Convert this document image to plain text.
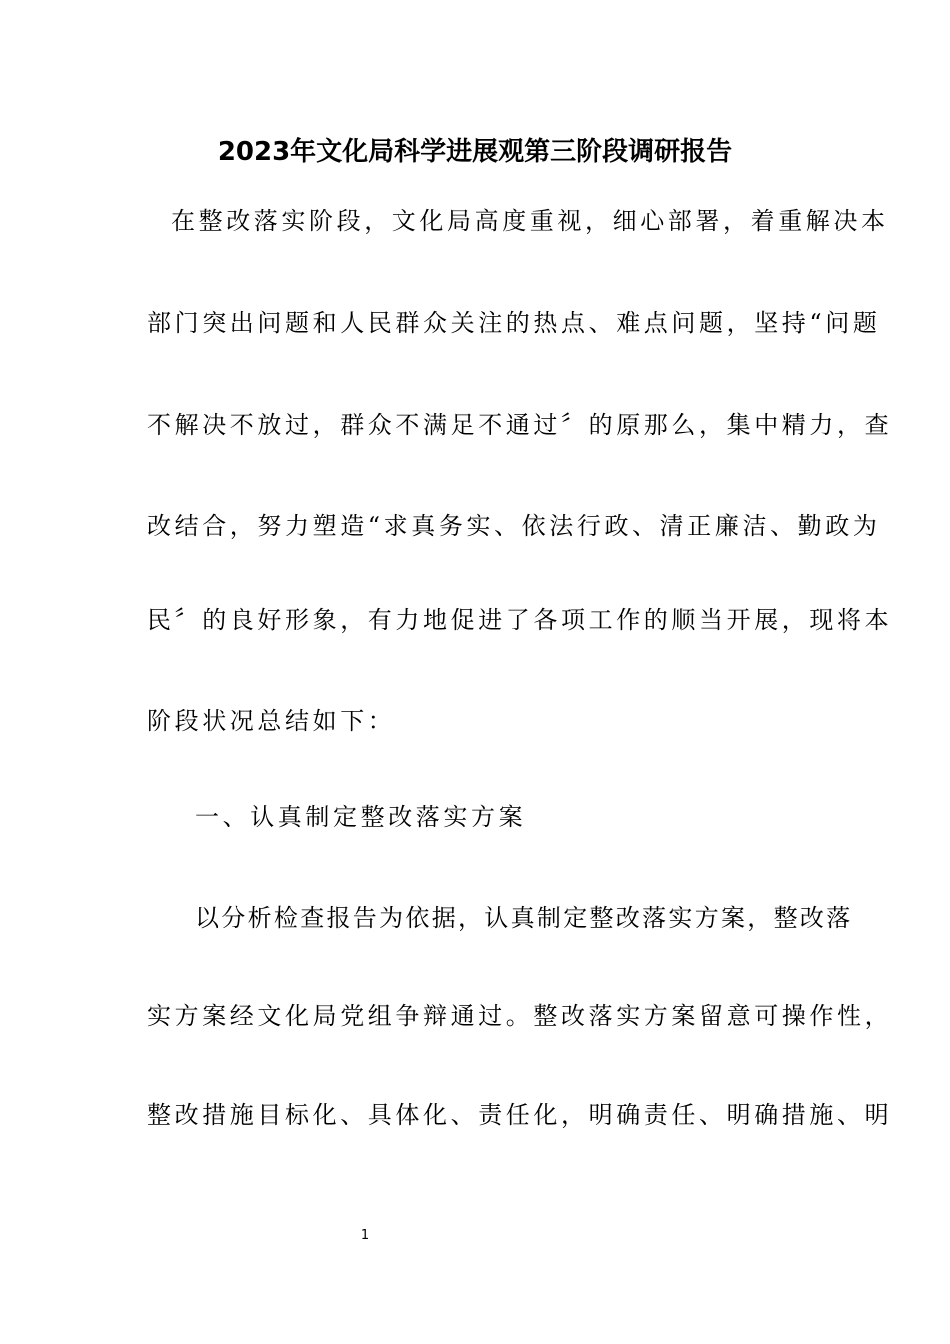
2023年文化局科学进展观第三阶段调研报告
在整改落实阶段，文化局高度重视，细心部署，着重解决本
部门突出问题和人民群众关注的热点、难点问题，坚持“问题
不解决不放过，群众不满足不通过〞的原那么，集中精力，查
改结合，努力塑造“求真务实、依法行政、清正廉洁、勤政为
民〞的良好形象，有力地促进了各项工作的顺当开展，现将本
阶段状况总结如下：
一、认真制定整改落实方案
以分析检查报告为依据，认真制定整改落实方案，整改落
实方案经文化局党组争辩通过。整改落实方案留意可操作性，
整改措施目标化、具体化、责任化，明确责任、明确措施、明
1
